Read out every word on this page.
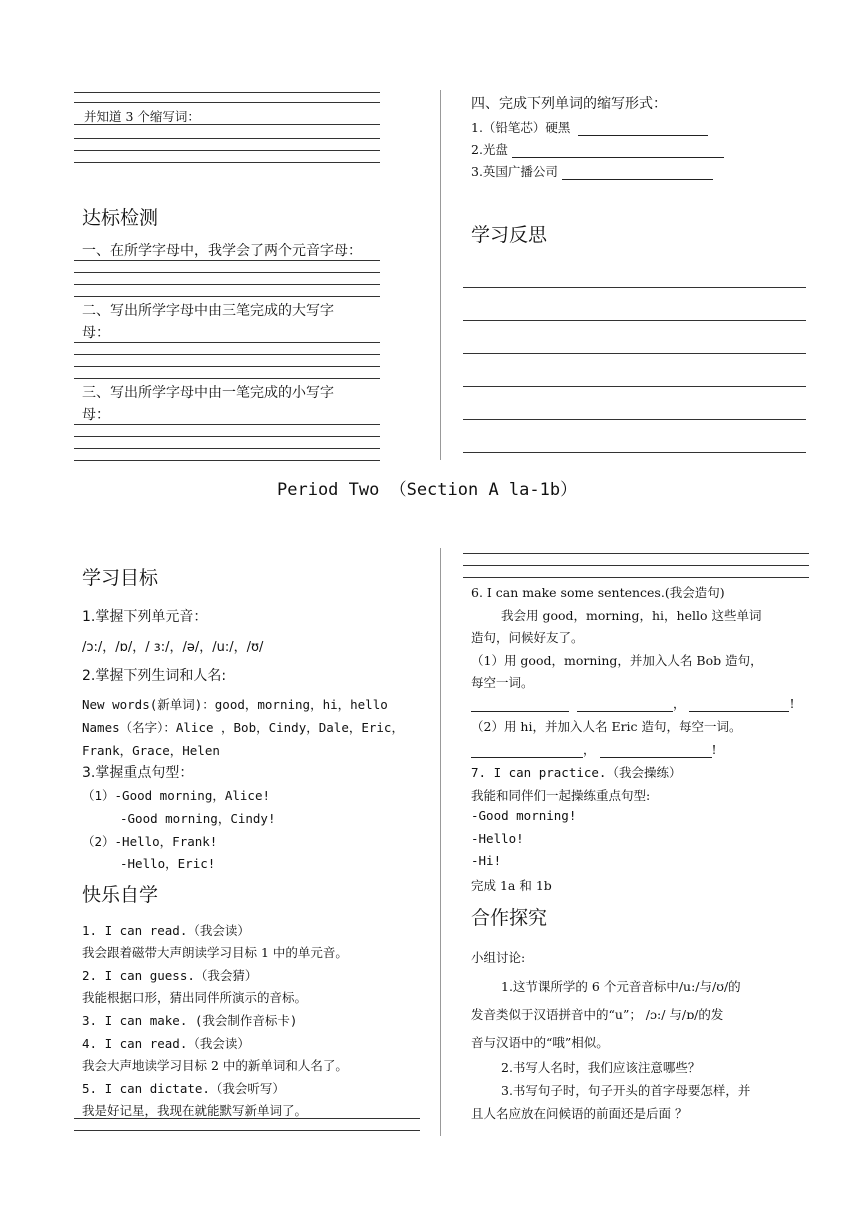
并知道 3 个缩写词：
达标检测
一、在所学字母中，我学会了两个元音字母：
二、写出所学字母中由三笔完成的大写字
母：
三、写出所学字母中由一笔完成的小写字
母：
四、完成下列单词的缩写形式：
1.（铅笔芯）硬黑
2.光盘
3.英国广播公司
学习反思
Period Two （Section A la-1b）
学习目标
1.掌握下列单元音：
/ɔ:/，/ɒ/，/ ɜ:/，/ə/，/u:/，/ʊ/
2.掌握下列生词和人名:
New words(新单词)：good，morning，hi，hello
Names（名字）：Alice ，Bob，Cindy，Dale，Eric，
Frank，Grace，Helen
3.掌握重点句型：
（1）-Good morning，Alice!
-Good morning，Cindy!
（2）-Hello，Frank!
-Hello，Eric!
快乐自学
1. I can read.（我会读）
我会跟着磁带大声朗读学习目标 1 中的单元音。
2. I can guess.（我会猜）
我能根据口形，猜出同伴所演示的音标。
3. I can make. (我会制作音标卡)
4. I can read.（我会读）
我会大声地读学习目标 2 中的新单词和人名了。
5. I can dictate.（我会听写）
我是好记星，我现在就能默写新单词了。
6. I can make some sentences.(我会造句)
我会用 good，morning，hi，hello 这些单词
造句，问候好友了。
（1）用 good，morning，并加入人名 Bob 造句，
每空一词。
，	!
（2）用 hi，并加入人名 Eric 造句，每空一词。
，	!
7. I can practice.（我会操练）
我能和同伴们一起操练重点句型:
-Good morning!
-Hello!
-Hi!
完成 1a 和 1b
合作探究
小组讨论:
1.这节课所学的 6 个元音音标中/u:/与/ʊ/的
发音类似于汉语拼音中的“u”； /ɔ:/ 与/ɒ/的发
音与汉语中的“哦”相似。
2.书写人名时，我们应该注意哪些？
3.书写句子时，句子开头的首字母要怎样，并
且人名应放在问候语的前面还是后面 ？
